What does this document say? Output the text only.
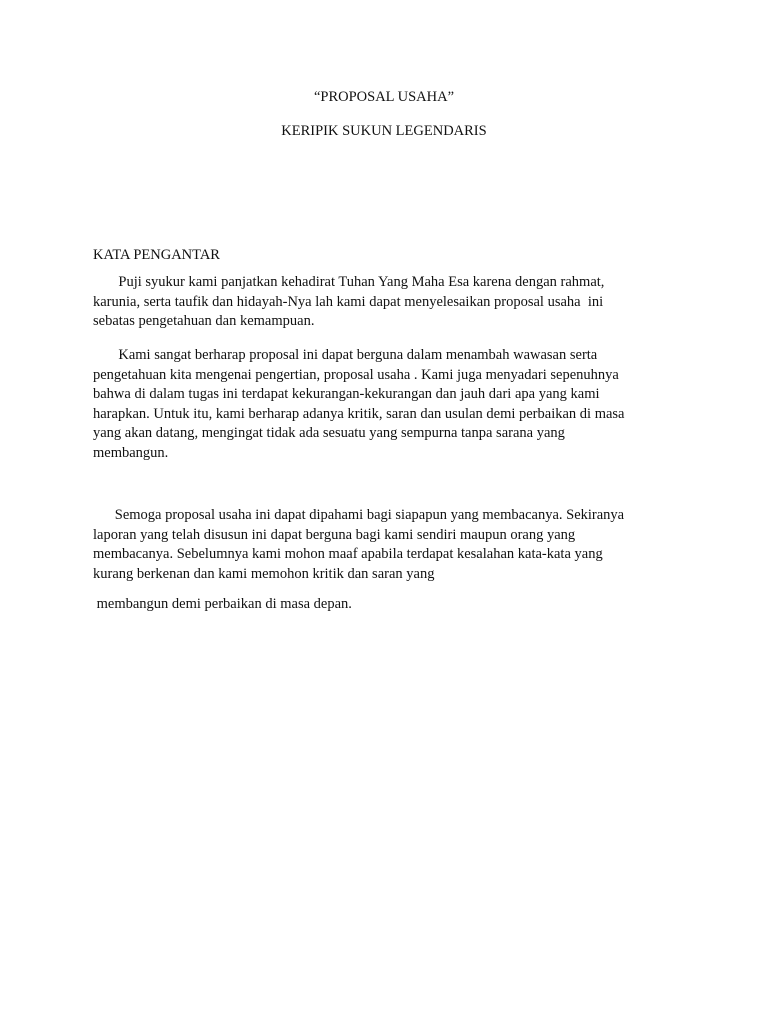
“PROPOSAL USAHA”
KERIPIK SUKUN LEGENDARIS
KATA PENGANTAR
Puji syukur kami panjatkan kehadirat Tuhan Yang Maha Esa karena dengan rahmat,
karunia, serta taufik dan hidayah-Nya lah kami dapat menyelesaikan proposal usaha  ini
sebatas pengetahuan dan kemampuan.
Kami sangat berharap proposal ini dapat berguna dalam menambah wawasan serta
pengetahuan kita mengenai pengertian, proposal usaha . Kami juga menyadari sepenuhnya
bahwa di dalam tugas ini terdapat kekurangan-kekurangan dan jauh dari apa yang kami
harapkan. Untuk itu, kami berharap adanya kritik, saran dan usulan demi perbaikan di masa
yang akan datang, mengingat tidak ada sesuatu yang sempurna tanpa sarana yang
membangun.
Semoga proposal usaha ini dapat dipahami bagi siapapun yang membacanya. Sekiranya
laporan yang telah disusun ini dapat berguna bagi kami sendiri maupun orang yang
membacanya. Sebelumnya kami mohon maaf apabila terdapat kesalahan kata-kata yang
kurang berkenan dan kami memohon kritik dan saran yang
membangun demi perbaikan di masa depan.
